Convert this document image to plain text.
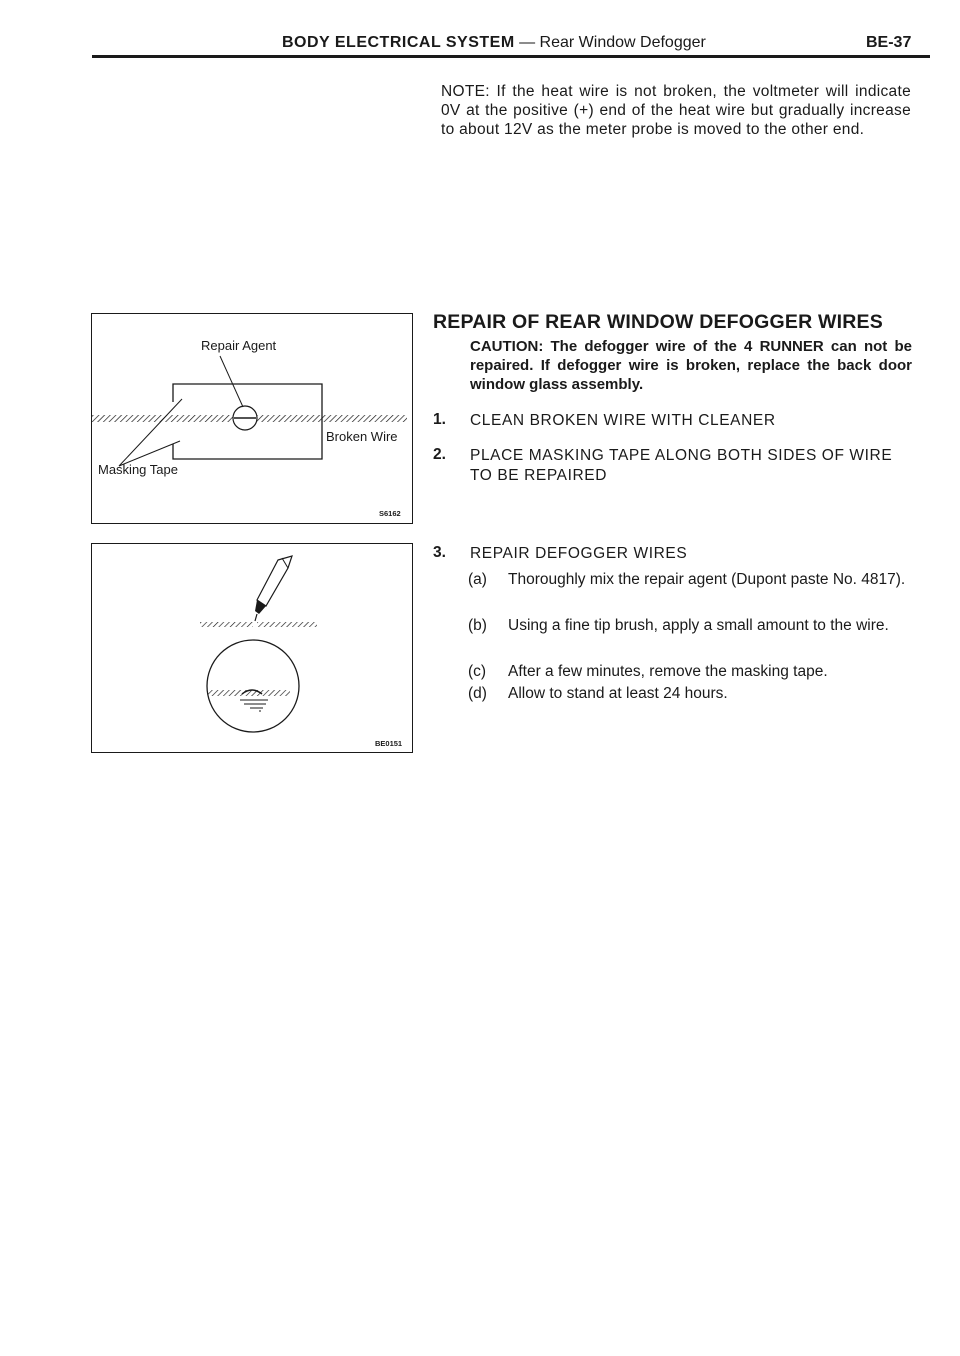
BODY ELECTRICAL SYSTEM — Rear Window Defogger	BE-37
NOTE: If the heat wire is not broken, the voltmeter will indicate 0V at the positive (+) end of the heat wire but gradually increase to about 12V as the meter probe is moved to the other end.
Repair Agent
Broken Wire
Masking Tape
S6162
BE0151
REPAIR OF REAR WINDOW DEFOGGER WIRES
CAUTION: The defogger wire of the 4 RUNNER can not be repaired. If defogger wire is broken, replace the back door window glass assembly.
1. CLEAN BROKEN WIRE WITH CLEANER
2. PLACE MASKING TAPE ALONG BOTH SIDES OF WIRE TO BE REPAIRED
3. REPAIR DEFOGGER WIRES
(a) Thoroughly mix the repair agent (Dupont paste No. 4817).
(b) Using a fine tip brush, apply a small amount to the wire.
(c) After a few minutes, remove the masking tape.
(d) Allow to stand at least 24 hours.
